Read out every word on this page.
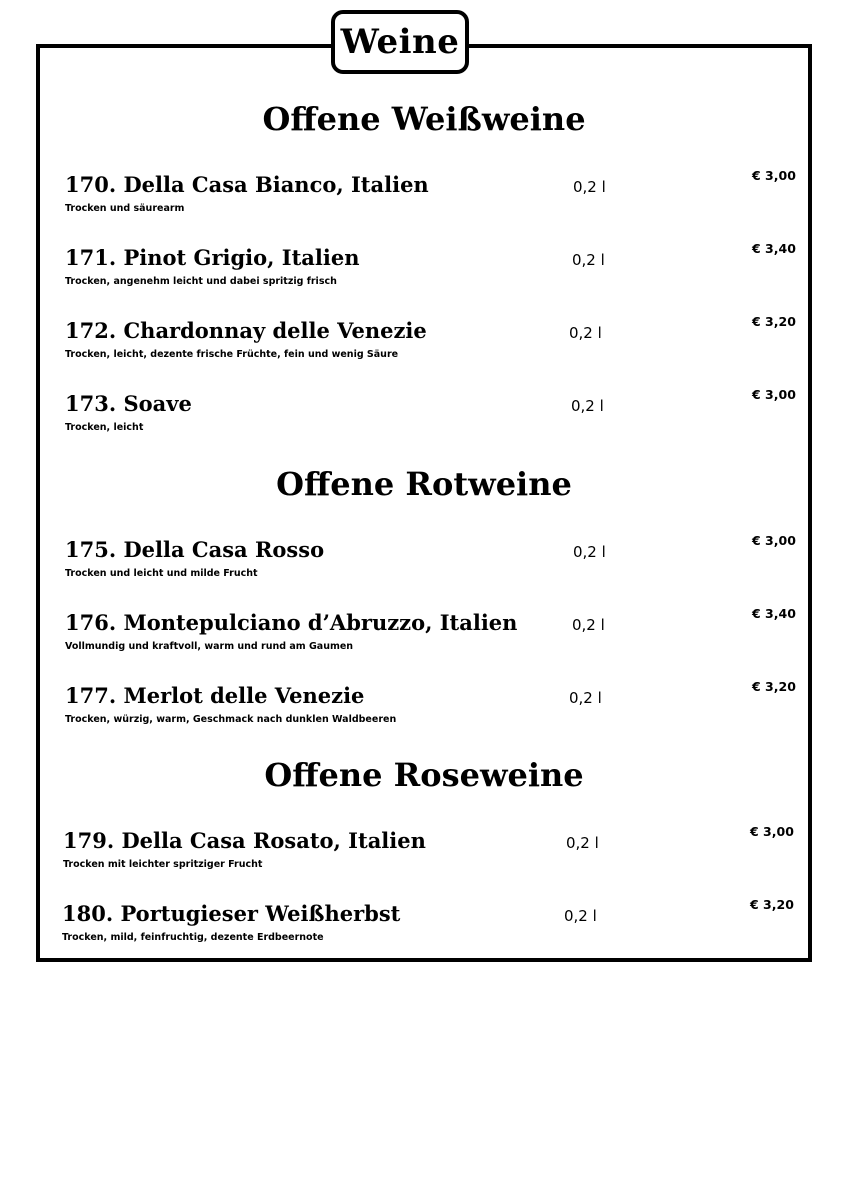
Weine
Offene Weißweine
170. Della Casa Bianco, Italien
Trocken und säurearm
0,2 l
€ 3,00
171. Pinot Grigio, Italien
Trocken, angenehm leicht und dabei spritzig frisch
0,2 l
€ 3,40
172. Chardonnay delle Venezie
Trocken, leicht, dezente frische Früchte, fein und wenig Säure
0,2 l
€ 3,20
173. Soave
Trocken, leicht
0,2 l
€ 3,00
Offene Rotweine
175. Della Casa Rosso
Trocken und leicht und milde Frucht
0,2 l
€ 3,00
176. Montepulciano d’Abruzzo, Italien
Vollmundig und kraftvoll, warm und rund am Gaumen
0,2 l
€ 3,40
177. Merlot delle Venezie
Trocken, würzig, warm, Geschmack nach dunklen Waldbeeren
0,2 l
€ 3,20
Offene Roseweine
179. Della Casa Rosato, Italien
Trocken mit leichter spritziger Frucht
0,2 l
€ 3,00
180. Portugieser Weißherbst
Trocken, mild, feinfruchtig, dezente Erdbeernote
0,2 l
€ 3,20
